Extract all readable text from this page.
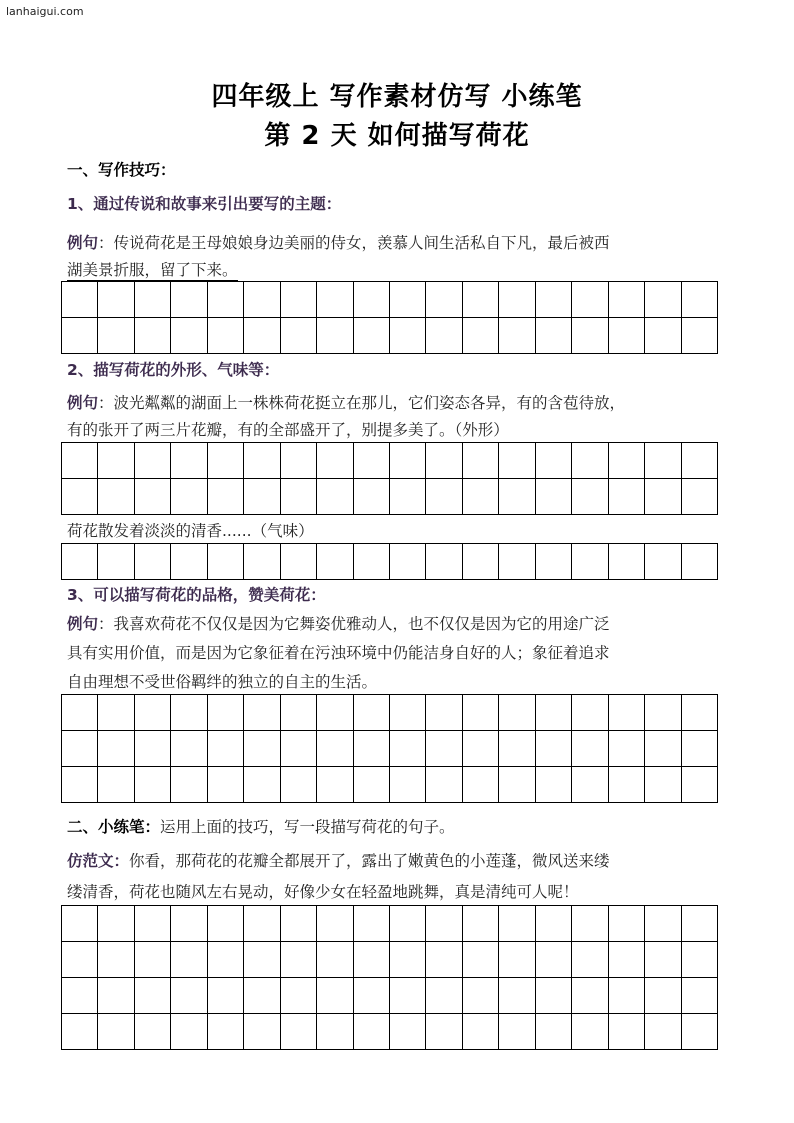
lanhaigui.com
四年级上 写作素材仿写 小练笔
第 2 天 如何描写荷花
一、写作技巧：
1、通过传说和故事来引出要写的主题：
例句：传说荷花是王母娘娘身边美丽的侍女，羡慕人间生活私自下凡，最后被西
湖美景折服，留了下来。
2、描写荷花的外形、气味等：
例句：波光粼粼的湖面上一株株荷花挺立在那儿，它们姿态各异，有的含苞待放，
有的张开了两三片花瓣，有的全部盛开了，别提多美了。（外形）
荷花散发着淡淡的清香......（气味）
3、可以描写荷花的品格，赞美荷花：
例句：我喜欢荷花不仅仅是因为它舞姿优雅动人，也不仅仅是因为它的用途广泛
具有实用价值，而是因为它象征着在污浊环境中仍能洁身自好的人；象征着追求
自由理想不受世俗羁绊的独立的自主的生活。
二、小练笔：运用上面的技巧，写一段描写荷花的句子。
仿范文：你看，那荷花的花瓣全都展开了，露出了嫩黄色的小莲蓬，微风送来缕
缕清香，荷花也随风左右晃动，好像少女在轻盈地跳舞，真是清纯可人呢！
